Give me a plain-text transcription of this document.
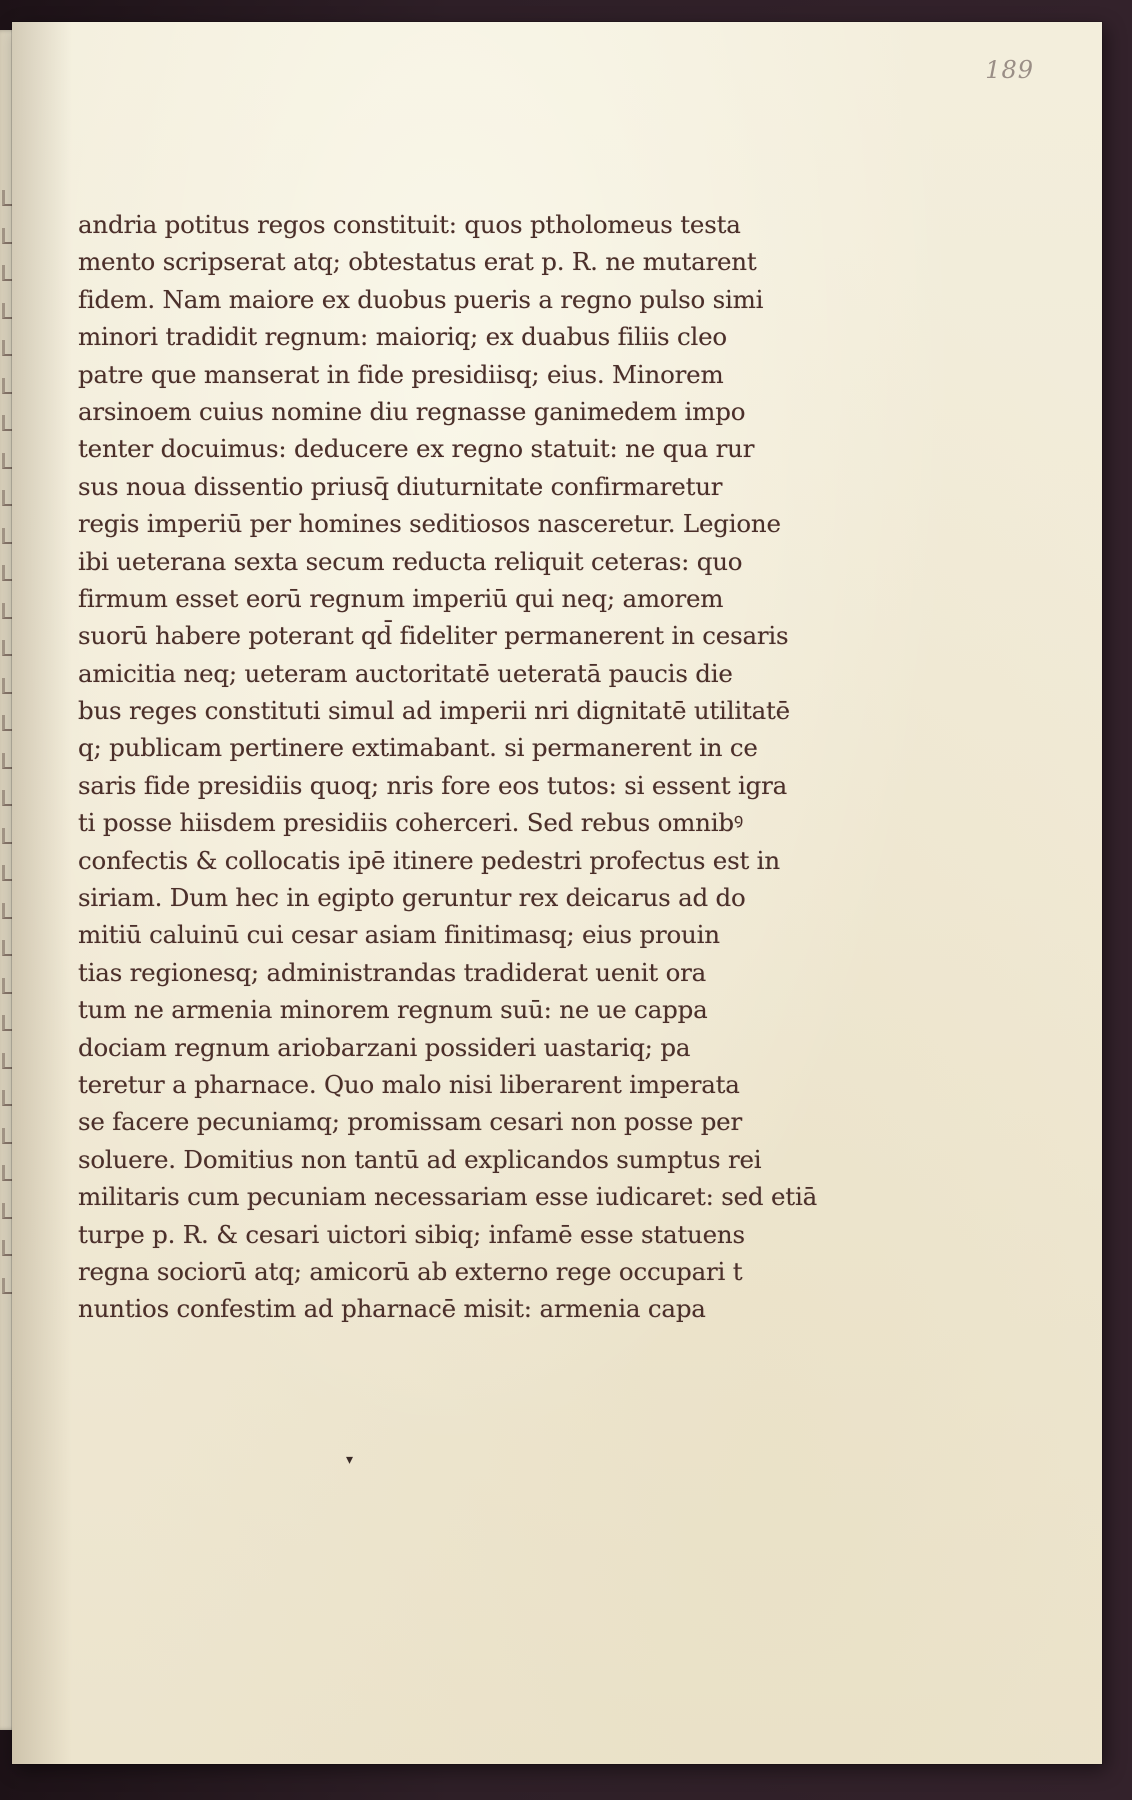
189
andria potitus regos constituit: quos ptholomeus testa
mento scripserat atq; obtestatus erat p. R. ne mutarent
fidem. Nam maiore ex duobus pueris a regno pulso simi
minori tradidit regnum: maioriq; ex duabus filiis cleo
patre que manserat in fide presidiisq; eius. Minorem
arsinoem cuius nomine diu regnasse ganimedem impo
tenter docuimus: deducere ex regno statuit: ne qua rur
sus noua dissentio priusq̄ diuturnitate confirmaretur
regis imperiū per homines seditiosos nasceretur. Legione
ibi ueterana sexta secum reducta reliquit ceteras: quo
firmum esset eorū regnum imperiū qui neq; amorem
suorū habere poterant qd̄ fideliter permanerent in cesaris
amicitia neq; ueteram auctoritatē ueteratā paucis die
bus reges constituti simul ad imperii nri dignitatē utilitatē
q; publicam pertinere extimabant. si permanerent in ce
saris fide presidiis quoq; nris fore eos tutos: si essent igra
ti posse hiisdem presidiis coherceri. Sed rebus omnibꝰ
confectis & collocatis ipē itinere pedestri profectus est in
siriam. Dum hec in egipto geruntur rex deicarus ad do
mitiū caluinū cui cesar asiam finitimasq; eius prouin
tias regionesq; administrandas tradiderat uenit ora
tum ne armenia minorem regnum suū: ne ue cappa
dociam regnum ariobarzani possideri uastariq; pa
teretur a pharnace. Quo malo nisi liberarent imperata
se facere pecuniamq; promissam cesari non posse per
soluere. Domitius non tantū ad explicandos sumptus rei
militaris cum pecuniam necessariam esse iudicaret: sed etiā
turpe p. R. & cesari uictori sibiq; infamē esse statuens
regna sociorū atq; amicorū ab externo rege occupari t
nuntios confestim ad pharnacē misit: armenia capa
▾
